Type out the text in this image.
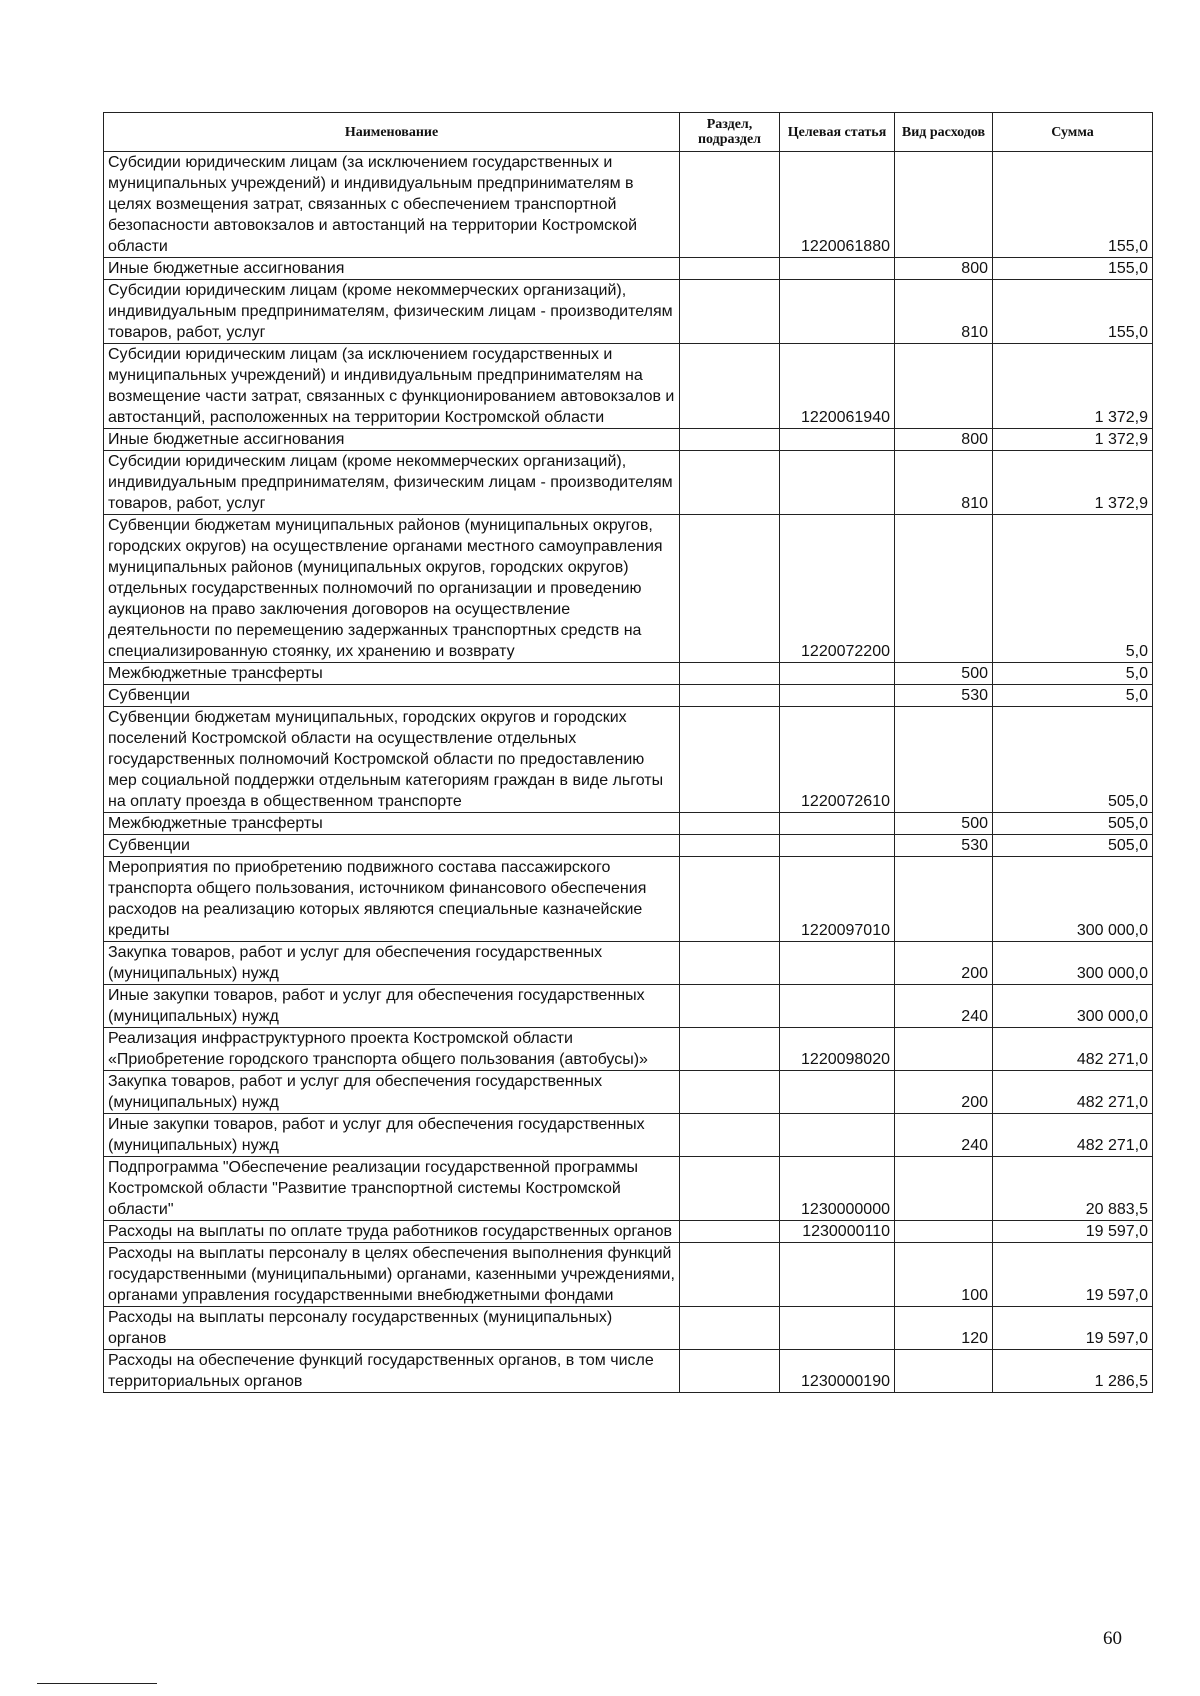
Наименование	Раздел, подраздел	Целевая статья	Вид расходов	Сумма
Субсидии юридическим лицам (за исключением государственных и муниципальных учреждений) и индивидуальным предпринимателям в целях возмещения затрат, связанных с обеспечением транспортной безопасности автовокзалов и автостанций на территории Костромской области		1220061880		155,0
Иные бюджетные ассигнования			800	155,0
Субсидии юридическим лицам (кроме некоммерческих организаций), индивидуальным предпринимателям, физическим лицам - производителям товаров, работ, услуг			810	155,0
Субсидии юридическим лицам (за исключением государственных и муниципальных учреждений) и индивидуальным предпринимателям на возмещение части затрат, связанных с функционированием автовокзалов и автостанций, расположенных на территории Костромской области		1220061940		1 372,9
Иные бюджетные ассигнования			800	1 372,9
Субсидии юридическим лицам (кроме некоммерческих организаций), индивидуальным предпринимателям, физическим лицам - производителям товаров, работ, услуг			810	1 372,9
Субвенции бюджетам муниципальных районов (муниципальных округов, городских округов) на осуществление органами местного самоуправления муниципальных районов (муниципальных округов, городских округов) отдельных государственных полномочий по организации и проведению аукционов на право заключения договоров на осуществление деятельности по перемещению задержанных транспортных средств на специализированную стоянку, их хранению и возврату		1220072200		5,0
Межбюджетные трансферты			500	5,0
Субвенции			530	5,0
Субвенции бюджетам муниципальных, городских округов и городских поселений Костромской области на осуществление отдельных государственных полномочий Костромской области по предоставлению мер социальной поддержки отдельным категориям граждан в виде льготы на оплату проезда в общественном транспорте		1220072610		505,0
Межбюджетные трансферты			500	505,0
Субвенции			530	505,0
Мероприятия по приобретению подвижного состава пассажирского транспорта общего пользования, источником финансового обеспечения расходов на реализацию которых являются специальные казначейские кредиты		1220097010		300 000,0
Закупка товаров, работ и услуг для обеспечения государственных (муниципальных) нужд			200	300 000,0
Иные закупки товаров, работ и услуг для обеспечения государственных (муниципальных) нужд			240	300 000,0
Реализация инфраструктурного проекта Костромской области «Приобретение городского транспорта общего пользования (автобусы)»		1220098020		482 271,0
Закупка товаров, работ и услуг для обеспечения государственных (муниципальных) нужд			200	482 271,0
Иные закупки товаров, работ и услуг для обеспечения государственных (муниципальных) нужд			240	482 271,0
Подпрограмма "Обеспечение реализации государственной программы Костромской области "Развитие транспортной системы Костромской области"		1230000000		20 883,5
Расходы на выплаты по оплате труда работников государственных органов		1230000110		19 597,0
Расходы на выплаты персоналу в целях обеспечения выполнения функций государственными (муниципальными) органами, казенными учреждениями, органами управления государственными внебюджетными фондами			100	19 597,0
Расходы на выплаты персоналу государственных (муниципальных) органов			120	19 597,0
Расходы на обеспечение функций государственных органов, в том числе территориальных органов		1230000190		1 286,5
60
